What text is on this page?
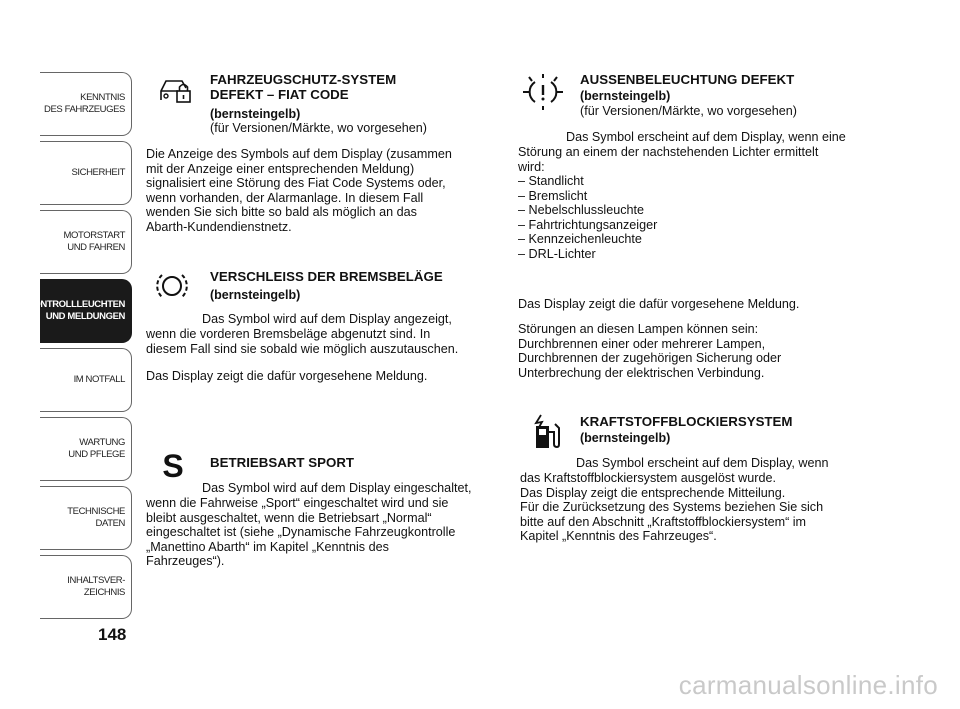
KENNTNIS
DES FAHRZEUGES
SICHERHEIT
MOTORSTART
UND FAHREN
KONTROLLLEUCHTEN
UND MELDUNGEN
IM NOTFALL
WARTUNG
UND PFLEGE
TECHNISCHE
DATEN
INHALTSVER-
ZEICHNIS
148
FAHRZEUGSCHUTZ-SYSTEM
DEFEKT – FIAT CODE
(bernsteingelb)
(für Versionen/Märkte, wo vorgesehen)
Die Anzeige des Symbols auf dem Display (zusammen
mit der Anzeige einer entsprechenden Meldung)
signalisiert eine Störung des Fiat Code Systems oder,
wenn vorhanden, der Alarmanlage. In diesem Fall
wenden Sie sich bitte so bald als möglich an das
Abarth-Kundendienstnetz.
VERSCHLEISS DER BREMSBELÄGE
(bernsteingelb)
Das Symbol wird auf dem Display angezeigt,
wenn die vorderen Bremsbeläge abgenutzt sind. In
diesem Fall sind sie sobald wie möglich auszutauschen.
Das Display zeigt die dafür vorgesehene Meldung.
S BETRIEBSART SPORT
Das Symbol wird auf dem Display eingeschaltet,
wenn die Fahrweise „Sport“ eingeschaltet wird und sie
bleibt ausgeschaltet, wenn die Betriebsart „Normal“
eingeschaltet ist (siehe „Dynamische Fahrzeugkontrolle
„Manettino Abarth“ im Kapitel „Kenntnis des
Fahrzeuges“).
AUSSENBELEUCHTUNG DEFEKT
(bernsteingelb)
(für Versionen/Märkte, wo vorgesehen)
Das Symbol erscheint auf dem Display, wenn eine
Störung an einem der nachstehenden Lichter ermittelt
wird:
– Standlicht
– Bremslicht
– Nebelschlussleuchte
– Fahrtrichtungsanzeiger
– Kennzeichenleuchte
– DRL-Lichter
Das Display zeigt die dafür vorgesehene Meldung.
Störungen an diesen Lampen können sein:
Durchbrennen einer oder mehrerer Lampen,
Durchbrennen der zugehörigen Sicherung oder
Unterbrechung der elektrischen Verbindung.
KRAFTSTOFFBLOCKIERSYSTEM
(bernsteingelb)
Das Symbol erscheint auf dem Display, wenn
das Kraftstoffblockiersystem ausgelöst wurde.
Das Display zeigt die entsprechende Mitteilung.
Für die Zurücksetzung des Systems beziehen Sie sich
bitte auf den Abschnitt „Kraftstoffblockiersystem“ im
Kapitel „Kenntnis des Fahrzeuges“.
carmanualsonline.info
